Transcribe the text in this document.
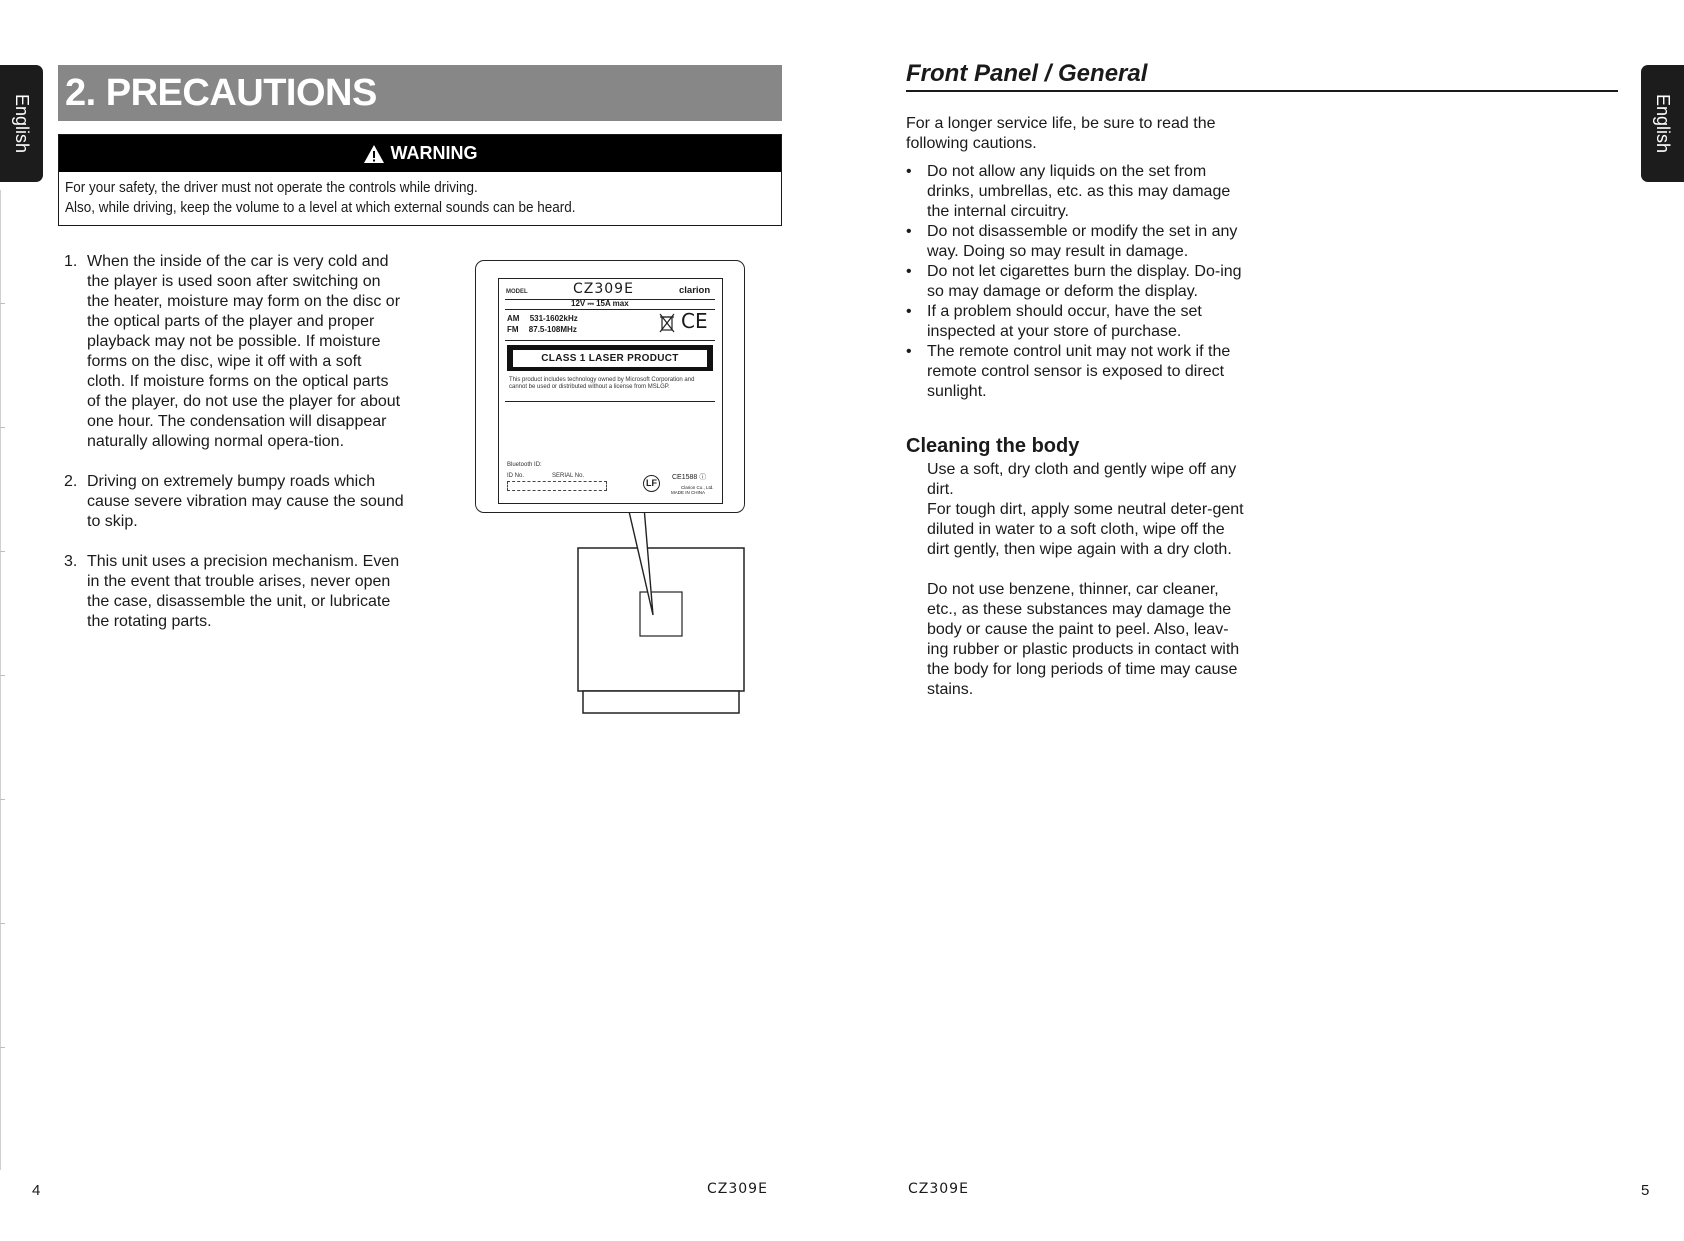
English	English
2. PRECAUTIONS
WARNING
For your safety, the driver must not operate the controls while driving.
Also, while driving, keep the volume to a level at which external sounds can be heard.
1. When the inside of the car is very cold and the player is used soon after switching on the heater, moisture may form on the disc or the optical parts of the player and proper playback may not be possible. If moisture forms on the disc, wipe it off with a soft cloth. If moisture forms on the optical parts of the player, do not use the player for about one hour. The condensation will disappear naturally allowing normal opera-tion.
2. Driving on extremely bumpy roads which cause severe vibration may cause the sound to skip.
3. This unit uses a precision mechanism. Even in the event that trouble arises, never open the case, disassemble the unit, or lubricate the rotating parts.
MODEL	CZ309E	clarion
12V ⎓ 15A max
AM 531-1602kHz
FM 87.5-108MHz	CE
CLASS 1 LASER PRODUCT
This product includes technology owned by Microsoft Corporation and cannot be used or distributed without a license from MSLGP.
Bluetooth ID:
ID No.	SERIAL No.
LF
CE1588 ⓘ
Clarion Co., Ltd.
MADE IN CHINA
Front Panel / General
For a longer service life, be sure to read the following cautions.
• Do not allow any liquids on the set from drinks, umbrellas, etc. as this may damage the internal circuitry.
• Do not disassemble or modify the set in any way. Doing so may result in damage.
• Do not let cigarettes burn the display. Do-ing so may damage or deform the display.
• If a problem should occur, have the set inspected at your store of purchase.
• The remote control unit may not work if the remote control sensor is exposed to direct sunlight.
Cleaning the body
Use a soft, dry cloth and gently wipe off any dirt.
For tough dirt, apply some neutral deter-gent diluted in water to a soft cloth, wipe off the dirt gently, then wipe again with a dry cloth.
Do not use benzene, thinner, car cleaner, etc., as these substances may damage the body or cause the paint to peel. Also, leav-ing rubber or plastic products in contact with the body for long periods of time may cause stains.
4	CZ309E	CZ309E	5
